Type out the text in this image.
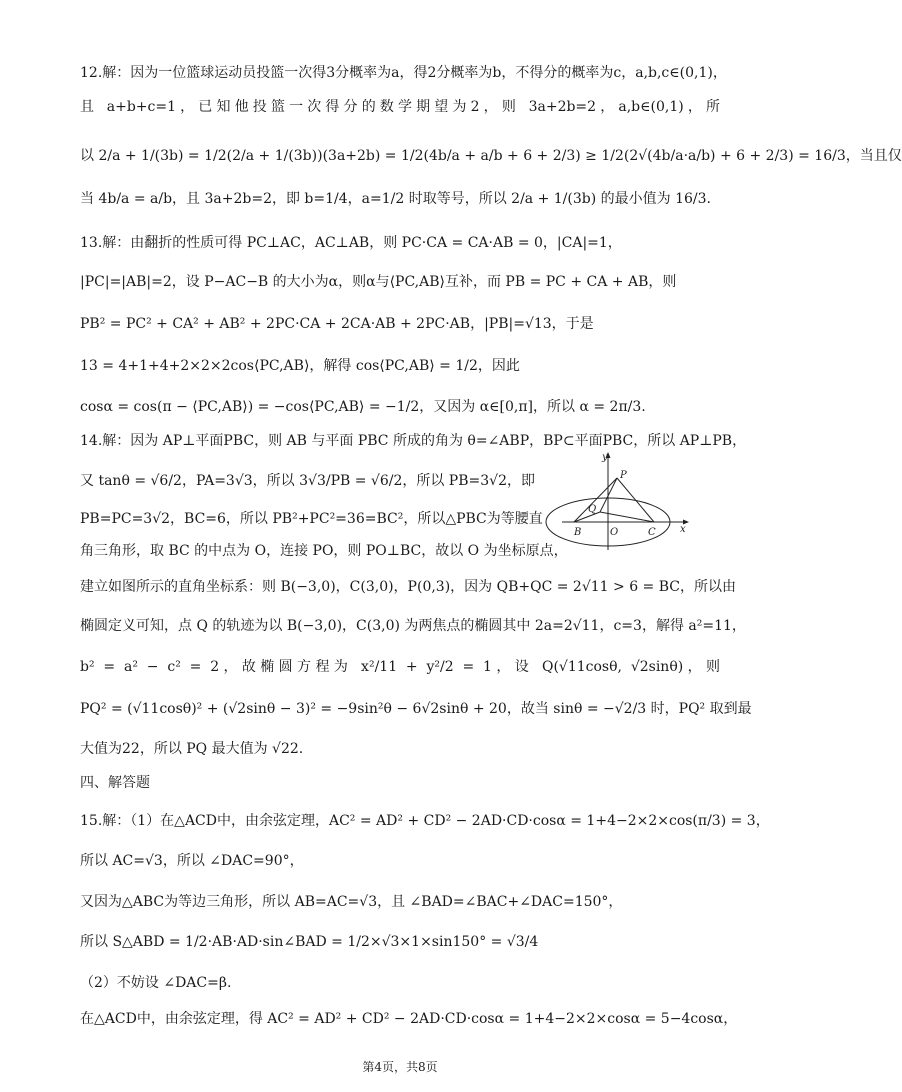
12.解：因为一位篮球运动员投篮一次得3分概率为a，得2分概率为b，不得分的概率为c，a,b,c∈(0,1)，
且 a+b+c=1，已知他投篮一次得分的数学期望为2，则 3a+2b=2，a,b∈(0,1)，所
以 2/a + 1/(3b) = 1/2(2/a + 1/(3b))(3a+2b) = 1/2(4b/a + a/b + 6 + 2/3) ≥ 1/2(2√(4b/a·a/b) + 6 + 2/3) = 16/3，当且仅
当 4b/a = a/b，且 3a+2b=2，即 b=1/4，a=1/2 时取等号，所以 2/a + 1/(3b) 的最小值为 16/3.
13.解：由翻折的性质可得 PC⊥AC，AC⊥AB，则 PC·CA = CA·AB = 0，|CA|=1，
|PC|=|AB|=2，设 P−AC−B 的大小为α，则α与⟨PC,AB⟩互补，而 PB = PC + CA + AB，则
PB² = PC² + CA² + AB² + 2PC·CA + 2CA·AB + 2PC·AB，|PB|=√13，于是
13 = 4+1+4+2×2×2cos⟨PC,AB⟩，解得 cos⟨PC,AB⟩ = 1/2，因此
cosα = cos(π − ⟨PC,AB⟩) = −cos⟨PC,AB⟩ = −1/2，又因为 α∈[0,π]，所以 α = 2π/3.
14.解：因为 AP⊥平面PBC，则 AB 与平面 PBC 所成的角为 θ=∠ABP，BP⊂平面PBC，所以 AP⊥PB，
又 tanθ = √6/2，PA=3√3，所以 3√3/PB = √6/2，所以 PB=3√2，即
PB=PC=3√2，BC=6，所以 PB²+PC²=36=BC²，所以△PBC为等腰直
角三角形，取 BC 的中点为 O，连接 PO，则 PO⊥BC，故以 O 为坐标原点，
y
P
Q
B	O	C x
建立如图所示的直角坐标系：则 B(−3,0)，C(3,0)，P(0,3)，因为 QB+QC = 2√11 > 6 = BC，所以由
椭圆定义可知，点 Q 的轨迹为以 B(−3,0)，C(3,0) 为两焦点的椭圆其中 2a=2√11，c=3，解得 a²=11，
b² = a² − c² = 2，故椭圆方程为 x²/11 + y²/2 = 1，设 Q(√11cosθ, √2sinθ)，则
PQ² = (√11cosθ)² + (√2sinθ − 3)² = −9sin²θ − 6√2sinθ + 20，故当 sinθ = −√2/3 时，PQ² 取到最
大值为22，所以 PQ 最大值为 √22.
四、解答题
15.解：（1）在△ACD中，由余弦定理，AC² = AD² + CD² − 2AD·CD·cosα = 1+4−2×2×cos(π/3) = 3，
所以 AC=√3，所以 ∠DAC=90°，
又因为△ABC为等边三角形，所以 AB=AC=√3，且 ∠BAD=∠BAC+∠DAC=150°，
所以 S△ABD = 1/2·AB·AD·sin∠BAD = 1/2×√3×1×sin150° = √3/4
（2）不妨设 ∠DAC=β.
在△ACD中，由余弦定理，得 AC² = AD² + CD² − 2AD·CD·cosα = 1+4−2×2×cosα = 5−4cosα，
第4页，共8页
